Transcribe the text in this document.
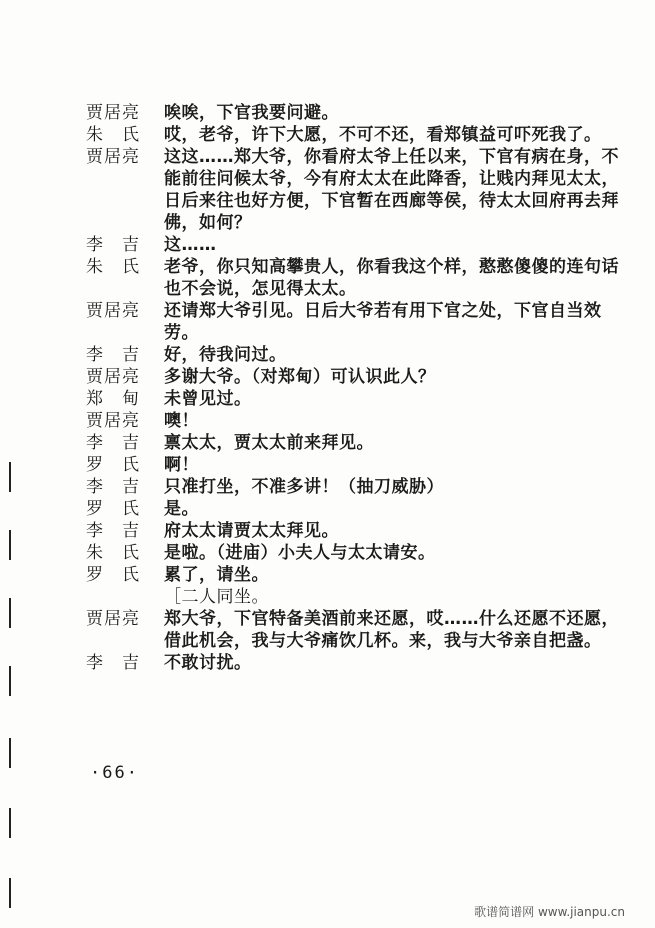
贾居亮	唉唉，下官我要问避。
朱　氏	哎，老爷，许下大愿，不可不还，看郑镇益可吓死我了。
贾居亮	这这……郑大爷，你看府太爷上任以来，下官有病在身，不能前往问候太爷，今有府太太在此降香，让贱内拜见太太，日后来往也好方便，下官暂在西廊等侯，待太太回府再去拜佛，如何？
李　吉	这……
朱　氏	老爷，你只知高攀贵人，你看我这个样，憨憨傻傻的连句话也不会说，怎见得太太。
贾居亮	还请郑大爷引见。日后大爷若有用下官之处，下官自当效劳。
李　吉	好，待我问过。
贾居亮	多谢大爷。（对郑甸）可认识此人？
郑　甸	未曾见过。
贾居亮	噢！
李　吉	禀太太，贾太太前来拜见。
罗　氏	啊！
李　吉	只准打坐，不准多讲！（抽刀威胁）
罗　氏	是。
李　吉	府太太请贾太太拜见。
朱　氏	是啦。（进庙）小夫人与太太请安。
罗　氏	累了，请坐。
［二人同坐。
贾居亮	郑大爷，下官特备美酒前来还愿，哎……什么还愿不还愿，借此机会，我与大爷痛饮几杯。来，我与大爷亲自把盏。
李　吉	不敢讨扰。
·66·
歌谱简谱网 www.jianpu.cn
